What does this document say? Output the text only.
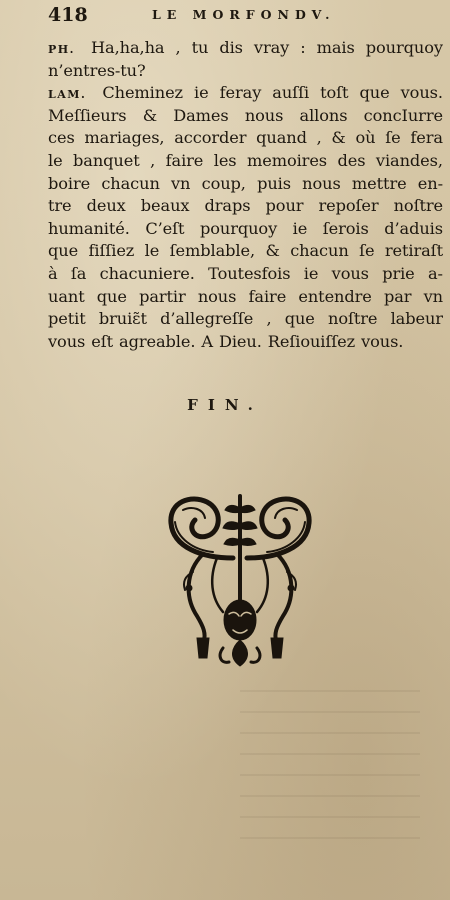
418	LE MORFONDV.
PH. Ha,ha,ha , tu dis vray : mais pourquoy
n’entres-tu?
LAM. Cheminez ie feray auſſi toſt que vous.
Meſſieurs & Dames nous allons concIurre
ces mariages, accorder quand , & où ſe fera
le banquet , faire les memoires des viandes,
boire chacun vn coup, puis nous mettre en-
tre deux beaux draps pour repoſer noſtre
humanité. C’eſt pourquoy ie ſerois d’aduis
que fiſſiez le ſemblable, & chacun ſe retiraſt
à ſa chacuniere. Toutesfois ie vous prie a-
uant que partir nous faire entendre par vn
petit bruiɛ̃t d’allegreſſe , que noſtre labeur
vous eſt agreable. A Dieu. Reſiouiſſez vous.
FIN.
